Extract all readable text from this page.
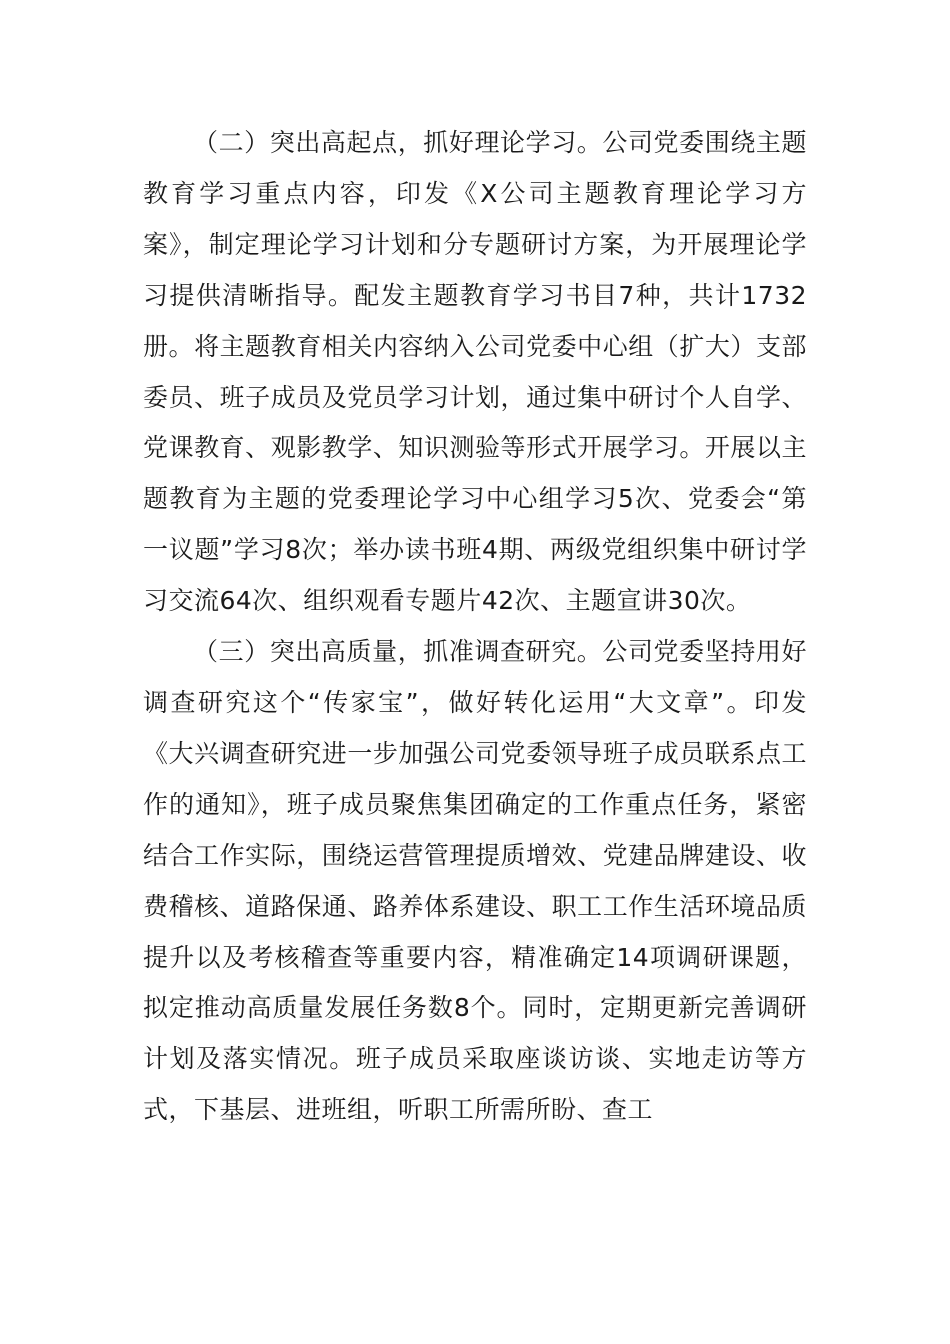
（二）突出高起点，抓好理论学习。公司党委围绕主题教育学习重点内容，印发《X公司主题教育理论学习方案》，制定理论学习计划和分专题研讨方案，为开展理论学习提供清晰指导。配发主题教育学习书目7种，共计1732册。将主题教育相关内容纳入公司党委中心组（扩大）支部委员、班子成员及党员学习计划，通过集中研讨个人自学、党课教育、观影教学、知识测验等形式开展学习。开展以主题教育为主题的党委理论学习中心组学习5次、党委会“第一议题”学习8次；举办读书班4期、两级党组织集中研讨学习交流64次、组织观看专题片42次、主题宣讲30次。

（三）突出高质量，抓准调查研究。公司党委坚持用好调查研究这个“传家宝”，做好转化运用“大文章”。印发《大兴调查研究进一步加强公司党委领导班子成员联系点工作的通知》，班子成员聚焦集团确定的工作重点任务，紧密结合工作实际，围绕运营管理提质增效、党建品牌建设、收费稽核、道路保通、路养体系建设、职工工作生活环境品质提升以及考核稽查等重要内容，精准确定14项调研课题，拟定推动高质量发展任务数8个。同时，定期更新完善调研计划及落实情况。班子成员采取座谈访谈、实地走访等方式，下基层、进班组，听职工所需所盼、查工
